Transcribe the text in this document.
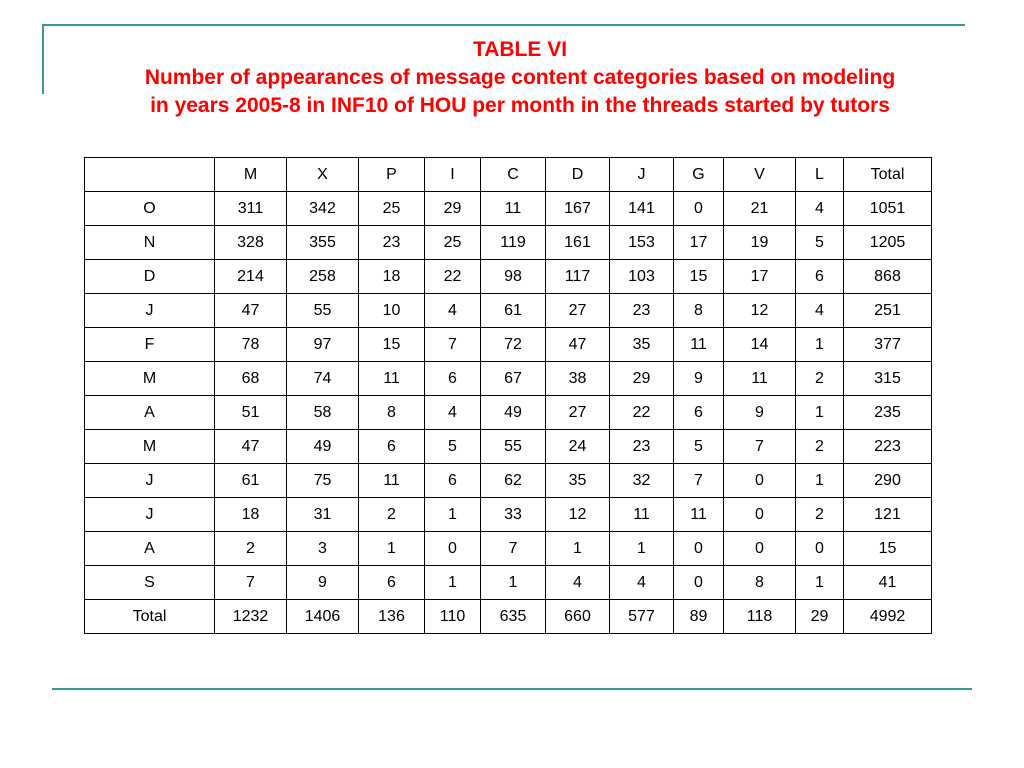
TABLE VI
Number of appearances of message content categories based on modeling
in years 2005-8 in INF10 of HOU per month in the threads started by tutors
	M	X	P	I	C	D	J	G	V	L	Total
O	311	342	25	29	11	167	141	0	21	4	1051
N	328	355	23	25	119	161	153	17	19	5	1205
D	214	258	18	22	98	117	103	15	17	6	868
J	47	55	10	4	61	27	23	8	12	4	251
F	78	97	15	7	72	47	35	11	14	1	377
M	68	74	11	6	67	38	29	9	11	2	315
A	51	58	8	4	49	27	22	6	9	1	235
M	47	49	6	5	55	24	23	5	7	2	223
J	61	75	11	6	62	35	32	7	0	1	290
J	18	31	2	1	33	12	11	11	0	2	121
A	2	3	1	0	7	1	1	0	0	0	15
S	7	9	6	1	1	4	4	0	8	1	41
Total	1232	1406	136	110	635	660	577	89	118	29	4992
